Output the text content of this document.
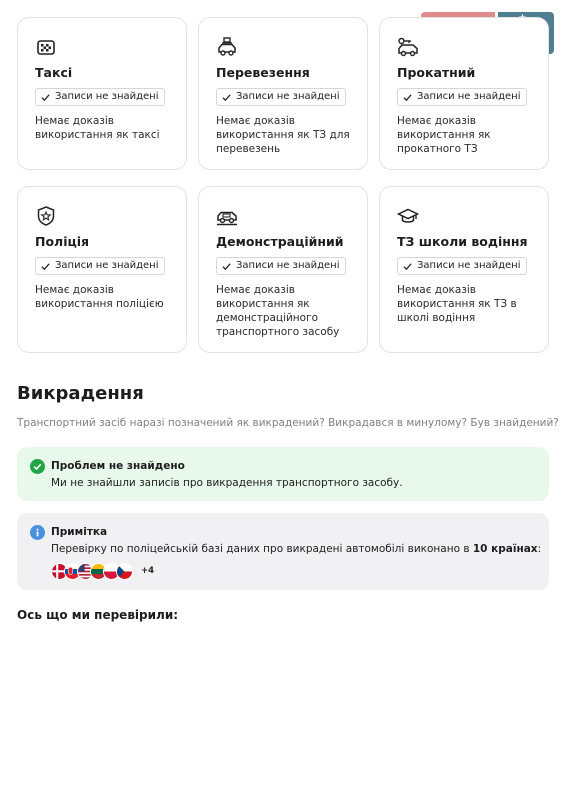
Таксі
Записи не знайдені
Немає доказів використання як таксі
Перевезення
Записи не знайдені
Немає доказів використання як ТЗ для перевезень
Прокатний
Записи не знайдені
Немає доказів використання як прокатного ТЗ
Поліція
Записи не знайдені
Немає доказів використання поліцією
Демонстраційний
Записи не знайдені
Немає доказів використання як демонстраційного транспортного засобу
ТЗ школи водіння
Записи не знайдені
Немає доказів використання як ТЗ в школі водіння
Викрадення
Транспортний засіб наразі позначений як викрадений? Викрадався в минулому? Був знайдений?
Проблем не знайдено
Ми не знайшли записів про викрадення транспортного засобу.
Примітка
Перевірку по поліцейській базі даних про викрадені автомобілі виконано в 10 країнах:
+4
Ось що ми перевірили:
